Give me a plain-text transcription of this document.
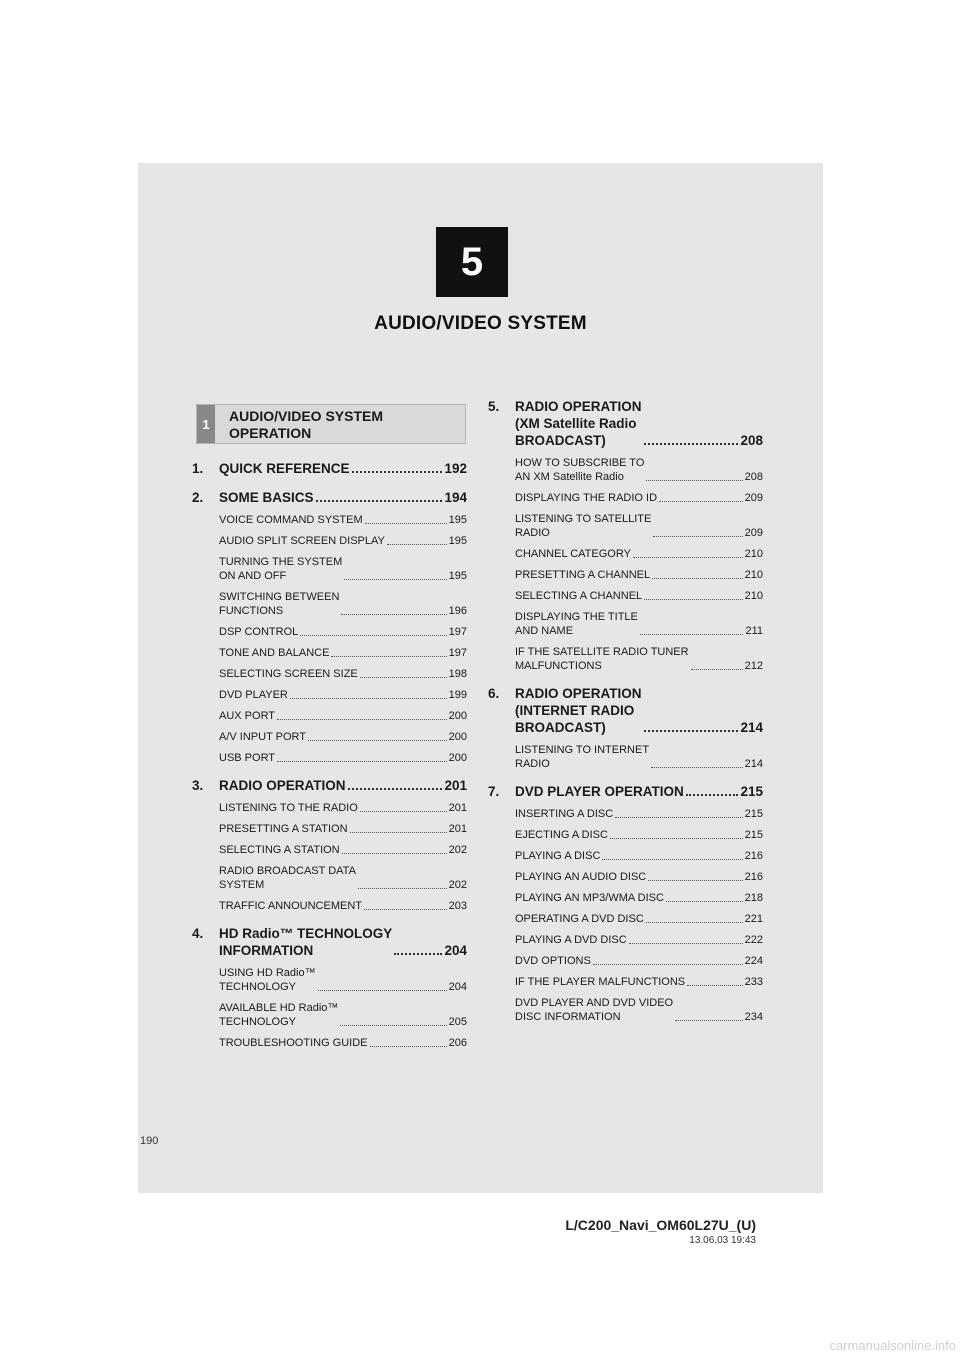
5
AUDIO/VIDEO SYSTEM
1	AUDIO/VIDEO SYSTEM OPERATION
1.	QUICK REFERENCE	192
2.	SOME BASICS	194
VOICE COMMAND SYSTEM	195
AUDIO SPLIT SCREEN DISPLAY	195
TURNING THE SYSTEM
ON AND OFF	195
SWITCHING BETWEEN
FUNCTIONS	196
DSP CONTROL	197
TONE AND BALANCE	197
SELECTING SCREEN SIZE	198
DVD PLAYER	199
AUX PORT	200
A/V INPUT PORT	200
USB PORT	200
3.	RADIO OPERATION	201
LISTENING TO THE RADIO	201
PRESETTING A STATION	201
SELECTING A STATION	202
RADIO BROADCAST DATA
SYSTEM	202
TRAFFIC ANNOUNCEMENT	203
4.	HD Radio™ TECHNOLOGY
INFORMATION	204
USING HD Radio™
TECHNOLOGY	204
AVAILABLE HD Radio™
TECHNOLOGY	205
TROUBLESHOOTING GUIDE	206
5.	RADIO OPERATION
(XM Satellite Radio
BROADCAST)	208
HOW TO SUBSCRIBE TO
AN XM Satellite Radio	208
DISPLAYING THE RADIO ID	209
LISTENING TO SATELLITE
RADIO	209
CHANNEL CATEGORY	210
PRESETTING A CHANNEL	210
SELECTING A CHANNEL	210
DISPLAYING THE TITLE
AND NAME	211
IF THE SATELLITE RADIO TUNER
MALFUNCTIONS	212
6.	RADIO OPERATION
(INTERNET RADIO
BROADCAST)	214
LISTENING TO INTERNET
RADIO	214
7.	DVD PLAYER OPERATION	215
INSERTING A DISC	215
EJECTING A DISC	215
PLAYING A DISC	216
PLAYING AN AUDIO DISC	216
PLAYING AN MP3/WMA DISC	218
OPERATING A DVD DISC	221
PLAYING A DVD DISC	222
DVD OPTIONS	224
IF THE PLAYER MALFUNCTIONS	233
DVD PLAYER AND DVD VIDEO
DISC INFORMATION	234
190
L/C200_Navi_OM60L27U_(U)
13.06.03 19:43
carmanualsonline.info
